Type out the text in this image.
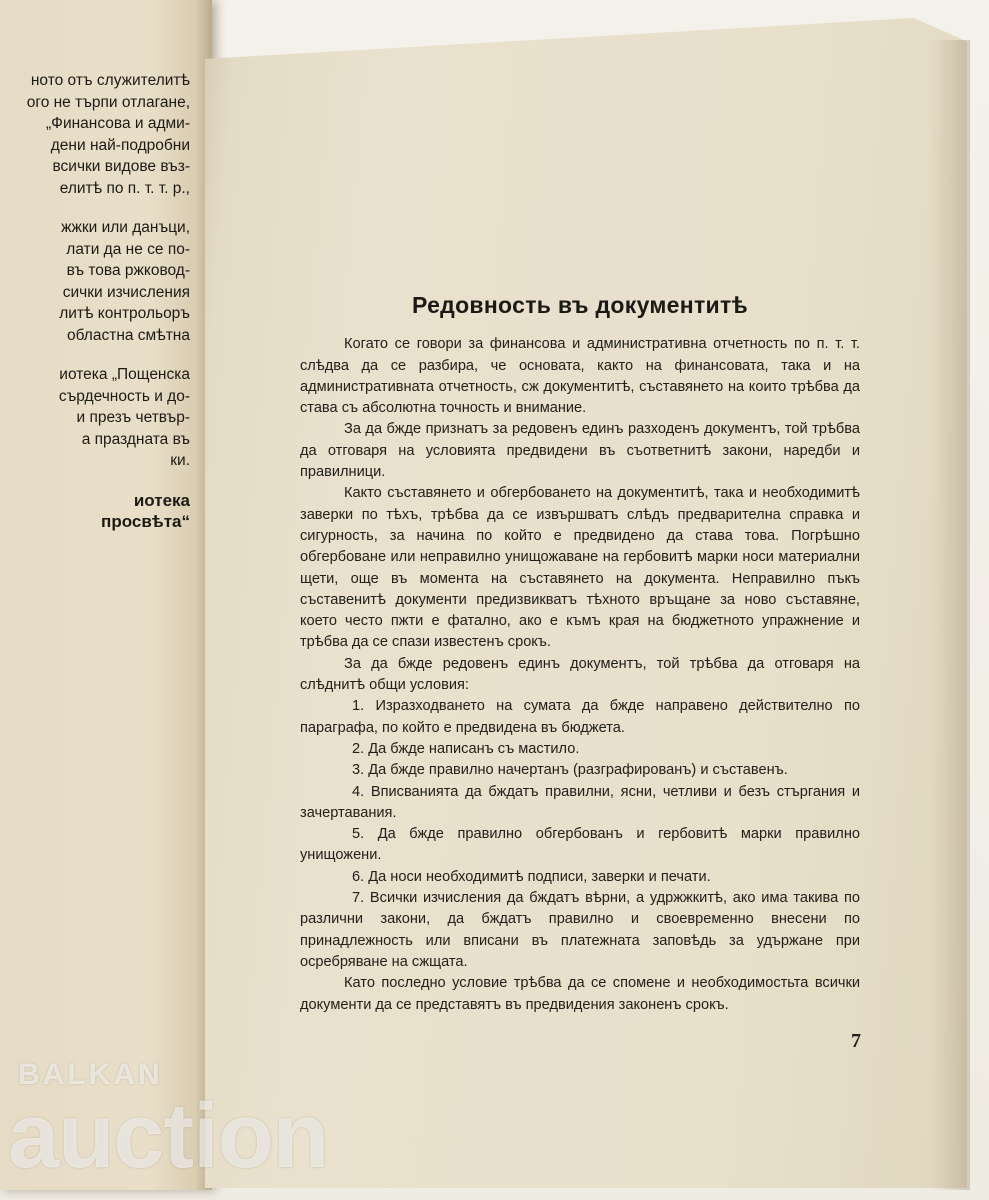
ното отъ служителитѣ
ого не търпи отлагане,
„Финансова и адми-
дени най-подробни
всички видове въз-
елитѣ по п. т. т. р.,
жжки или данъци,
лати да не се по-
въ това ржковод-
сички изчисления
литѣ контрольоръ
областна смѣтна
иотека „Пощенска
сърдечность и до-
и презъ четвър-
а праздната въ
ки.
иотека
просвѣта“
Редовность въ документитѣ

Когато се говори за финансова и административна отчетность по п. т. т. слѣдва да се разбира, че основата, както на финансовата, така и на административната отчетность, сж документитѣ, съставянето на които трѣбва да става съ абсолютна точность и внимание.

За да бжде признатъ за редовенъ единъ разходенъ документъ, той трѣбва да отговаря на условията предвидени въ съответнитѣ закони, наредби и правилници.

Както съставянето и обгербоването на документитѣ, така и необходимитѣ заверки по тѣхъ, трѣбва да се извършватъ слѣдъ предварителна справка и сигурность, за начина по който е предвидено да става това. Погрѣшно обгербоване или неправилно унищожаване на гербовитѣ марки носи материални щети, още въ момента на съставянето на документа. Неправилно пъкъ съставенитѣ документи предизвикватъ тѣхното връщане за ново съставяне, което често пжти е фатално, ако е къмъ края на бюджетното упражнение и трѣбва да се спази известенъ срокъ.

За да бжде редовенъ единъ документъ, той трѣбва да отговаря на слѣднитѣ общи условия:

1. Изразходването на сумата да бжде направено действително по параграфа, по който е предвидена въ бюджета.

2. Да бжде написанъ съ мастило.

3. Да бжде правилно начертанъ (разграфированъ) и съставенъ.

4. Вписванията да бждатъ правилни, ясни, четливи и безъ стъргания и зачертавания.

5. Да бжде правилно обгербованъ и гербовитѣ марки правилно унищожени.

6. Да носи необходимитѣ подписи, заверки и печати.

7. Всички изчисления да бждатъ вѣрни, а удржжкитѣ, ако има такива по различни закони, да бждатъ правилно и своевременно внесени по принадлежность или вписани въ платежната заповѣдь за удържане при осребряване на сжщата.

Като последно условие трѣбва да се спомене и необходимостьта всички документи да се представятъ въ предвидения законенъ срокъ.

7
BALKAN
auction
